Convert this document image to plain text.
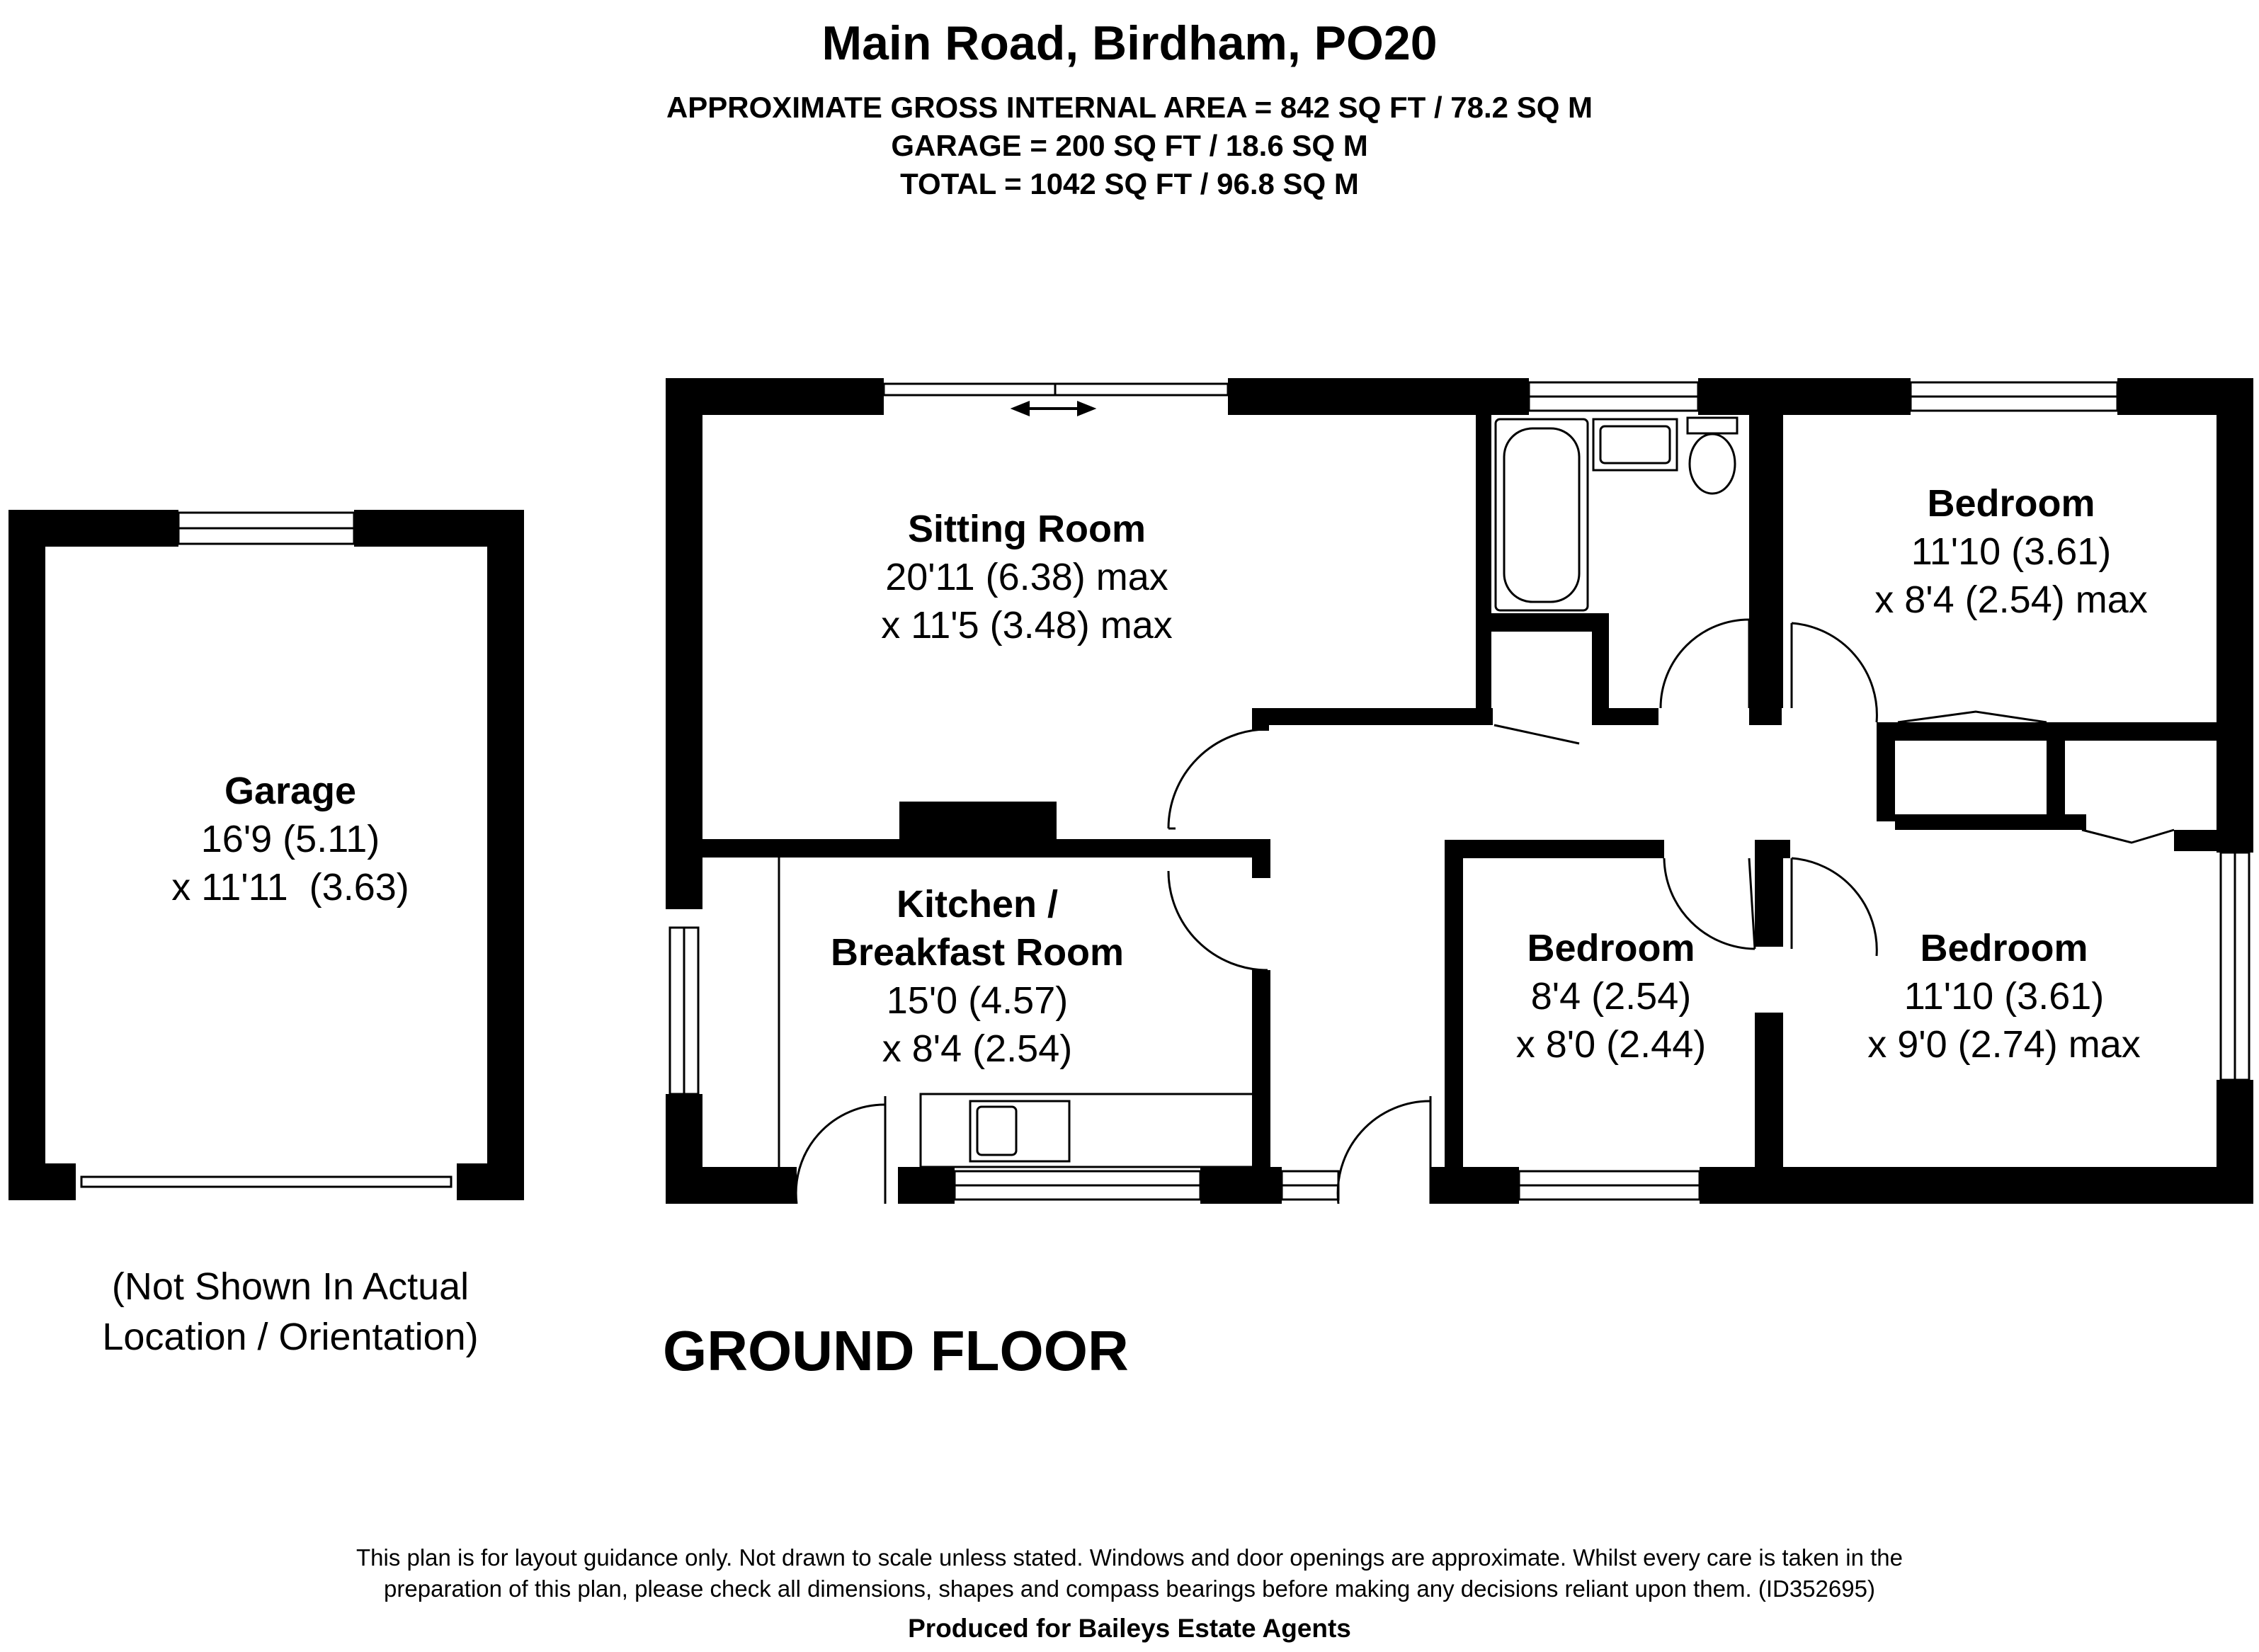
Main Road, Birdham, PO20
APPROXIMATE GROSS INTERNAL AREA = 842 SQ FT / 78.2 SQ M
GARAGE = 200 SQ FT / 18.6 SQ M
TOTAL = 1042 SQ FT / 96.8 SQ M
Sitting Room
20'11 (6.38) max
x 11'5 (3.48) max
Kitchen /
Breakfast Room
15'0 (4.57)
x 8'4 (2.54)
Bedroom
11'10 (3.61)
x 8'4 (2.54) max
Bedroom
8'4 (2.54)
x 8'0 (2.44)
Bedroom
11'10 (3.61)
x 9'0 (2.74) max
Garage
16'9 (5.11)
x 11'11  (3.63)
(Not Shown In Actual
Location / Orientation)	GROUND FLOOR
This plan is for layout guidance only. Not drawn to scale unless stated. Windows and door openings are approximate. Whilst every care is taken in the
preparation of this plan, please check all dimensions, shapes and compass bearings before making any decisions reliant upon them. (ID352695)
Produced for Baileys Estate Agents
